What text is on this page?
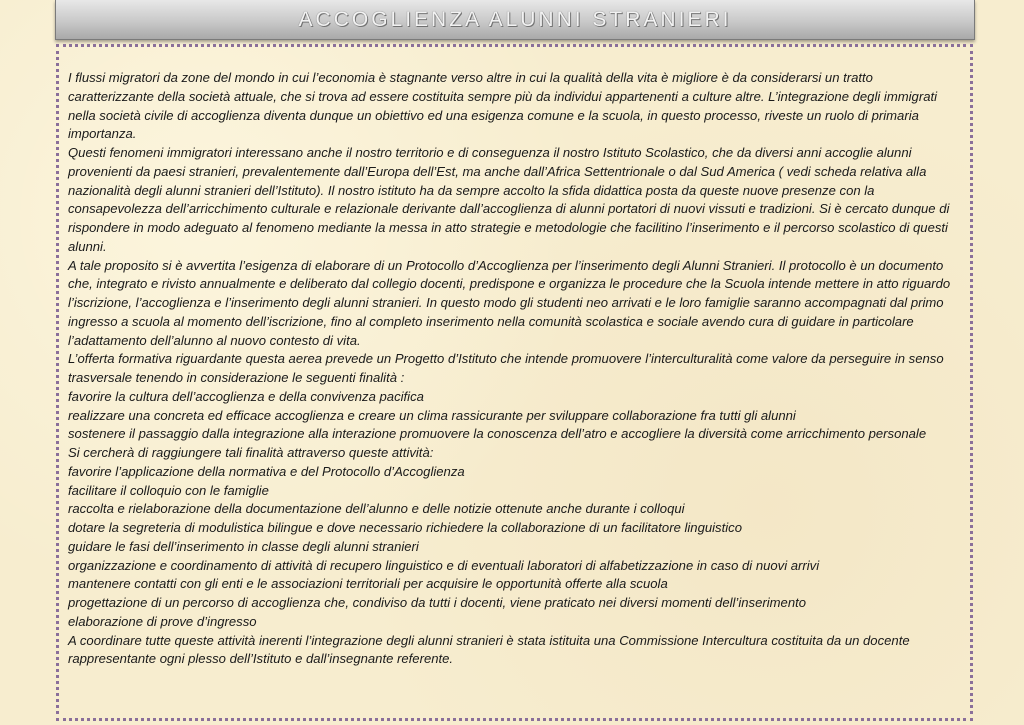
ACCOGLIENZA ALUNNI STRANIERI

I flussi migratori da zone del mondo in cui l’economia è stagnante verso altre in cui la qualità della vita è migliore è da considerarsi un tratto caratterizzante della società attuale, che si trova ad essere costituita sempre più da individui appartenenti a culture altre. L’integrazione degli immigrati nella società civile di accoglienza diventa dunque un obiettivo ed una esigenza comune e la scuola, in questo processo, riveste un ruolo di primaria importanza.

Questi fenomeni immigratori interessano anche il nostro territorio e di conseguenza il nostro Istituto Scolastico, che da diversi anni accoglie alunni provenienti da paesi stranieri, prevalentemente dall’Europa dell’Est, ma anche dall’Africa Settentrionale o dal Sud America ( vedi scheda relativa alla nazionalità degli alunni stranieri dell’Istituto). Il nostro istituto ha da sempre accolto la sfida didattica posta da queste nuove presenze con la consapevolezza dell’arricchimento culturale e relazionale derivante dall’accoglienza di alunni portatori di nuovi vissuti e tradizioni. Si è cercato dunque di rispondere in modo adeguato al fenomeno mediante la messa in atto strategie e metodologie che facilitino l’inserimento e il percorso scolastico di questi alunni.

A tale proposito si è avvertita l’esigenza di elaborare di un Protocollo d’Accoglienza per l’inserimento degli Alunni Stranieri. Il protocollo è un documento che, integrato e rivisto annualmente e deliberato dal collegio docenti, predispone e organizza le procedure che la Scuola intende mettere in atto riguardo l’iscrizione, l’accoglienza e l’inserimento degli alunni stranieri. In questo modo gli studenti neo arrivati e le loro famiglie saranno accompagnati dal primo ingresso a scuola al momento dell’iscrizione, fino al completo inserimento nella comunità scolastica e sociale avendo cura di guidare in particolare l’adattamento dell’alunno al nuovo contesto di vita.

L’offerta formativa riguardante questa aerea prevede un Progetto d’Istituto che intende promuovere l’interculturalità come valore da perseguire in senso trasversale tenendo in considerazione le seguenti finalità :

favorire la cultura dell’accoglienza e della convivenza pacifica

realizzare una concreta ed efficace accoglienza e creare un clima rassicurante per sviluppare collaborazione fra tutti gli alunni

sostenere il passaggio dalla integrazione alla interazione promuovere la conoscenza dell’atro e accogliere la diversità come arricchimento personale

Si cercherà di raggiungere tali finalità attraverso queste attività:

favorire l’applicazione della normativa e del Protocollo d’Accoglienza

facilitare il colloquio con le famiglie

raccolta e rielaborazione della documentazione dell’alunno e delle notizie ottenute anche durante i colloqui

dotare la segreteria di modulistica bilingue e dove necessario richiedere la collaborazione di un facilitatore linguistico

guidare le fasi dell’inserimento in classe degli alunni stranieri

organizzazione e coordinamento di attività di recupero linguistico e di eventuali laboratori di alfabetizzazione in caso di nuovi arrivi

mantenere contatti con gli enti e le associazioni territoriali per acquisire le opportunità offerte alla scuola

progettazione di un percorso di accoglienza che, condiviso da tutti i docenti, viene praticato nei diversi momenti dell’inserimento

elaborazione di prove d’ingresso

A coordinare tutte queste attività inerenti l’integrazione degli alunni stranieri è stata istituita una Commissione Intercultura costituita da un docente rappresentante ogni plesso dell’Istituto e dall’insegnante referente.
